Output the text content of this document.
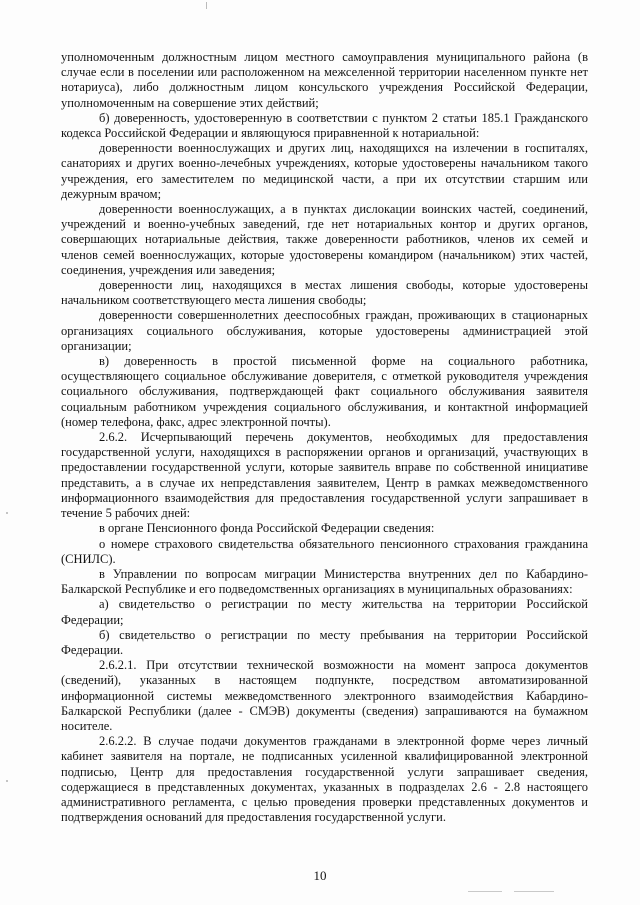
уполномоченным должностным лицом местного самоуправления муниципального района (в случае если в поселении или расположенном на межселенной территории населенном пункте нет нотариуса), либо должностным лицом консульского учреждения Российской Федерации, уполномоченным на совершение этих действий;

б) доверенность, удостоверенную в соответствии с пунктом 2 статьи 185.1 Гражданского кодекса Российской Федерации и являющуюся приравненной к нотариальной:

доверенности военнослужащих и других лиц, находящихся на излечении в госпиталях, санаториях и других военно-лечебных учреждениях, которые удостоверены начальником такого учреждения, его заместителем по медицинской части, а при их отсутствии старшим или дежурным врачом;

доверенности военнослужащих, а в пунктах дислокации воинских частей, соединений, учреждений и военно-учебных заведений, где нет нотариальных контор и других органов, совершающих нотариальные действия, также доверенности работников, членов их семей и членов семей военнослужащих, которые удостоверены командиром (начальником) этих частей, соединения, учреждения или заведения;

доверенности лиц, находящихся в местах лишения свободы, которые удостоверены начальником соответствующего места лишения свободы;

доверенности совершеннолетних дееспособных граждан, проживающих в стационарных организациях социального обслуживания, которые удостоверены администрацией этой организации;

в) доверенность в простой письменной форме на социального работника, осуществляющего социальное обслуживание доверителя, с отметкой руководителя учреждения социального обслуживания, подтверждающей факт социального обслуживания заявителя социальным работником учреждения социального обслуживания, и контактной информацией (номер телефона, факс, адрес электронной почты).

2.6.2. Исчерпывающий перечень документов, необходимых для предоставления государственной услуги, находящихся в распоряжении органов и организаций, участвующих в предоставлении государственной услуги, которые заявитель вправе по собственной инициативе представить, а в случае их непредставления заявителем, Центр в рамках межведомственного информационного взаимодействия для предоставления государственной услуги запрашивает в течение 5 рабочих дней:

в органе Пенсионного фонда Российской Федерации сведения:

о номере страхового свидетельства обязательного пенсионного страхования гражданина (СНИЛС).

в Управлении по вопросам миграции Министерства внутренних дел по Кабардино-Балкарской Республике и его подведомственных организациях в муниципальных образованиях:

а) свидетельство о регистрации по месту жительства на территории Российской Федерации;

б) свидетельство о регистрации по месту пребывания на территории Российской Федерации.

2.6.2.1. При отсутствии технической возможности на момент запроса документов (сведений), указанных в настоящем подпункте, посредством автоматизированной информационной системы межведомственного электронного взаимодействия Кабардино-Балкарской Республики (далее - СМЭВ) документы (сведения) запрашиваются на бумажном носителе.

2.6.2.2. В случае подачи документов гражданами в электронной форме через личный кабинет заявителя на портале, не подписанных усиленной квалифицированной электронной подписью, Центр для предоставления государственной услуги запрашивает сведения, содержащиеся в представленных документах, указанных в подразделах 2.6 - 2.8 настоящего административного регламента, с целью проведения проверки представленных документов и подтверждения оснований для предоставления государственной услуги.

10
